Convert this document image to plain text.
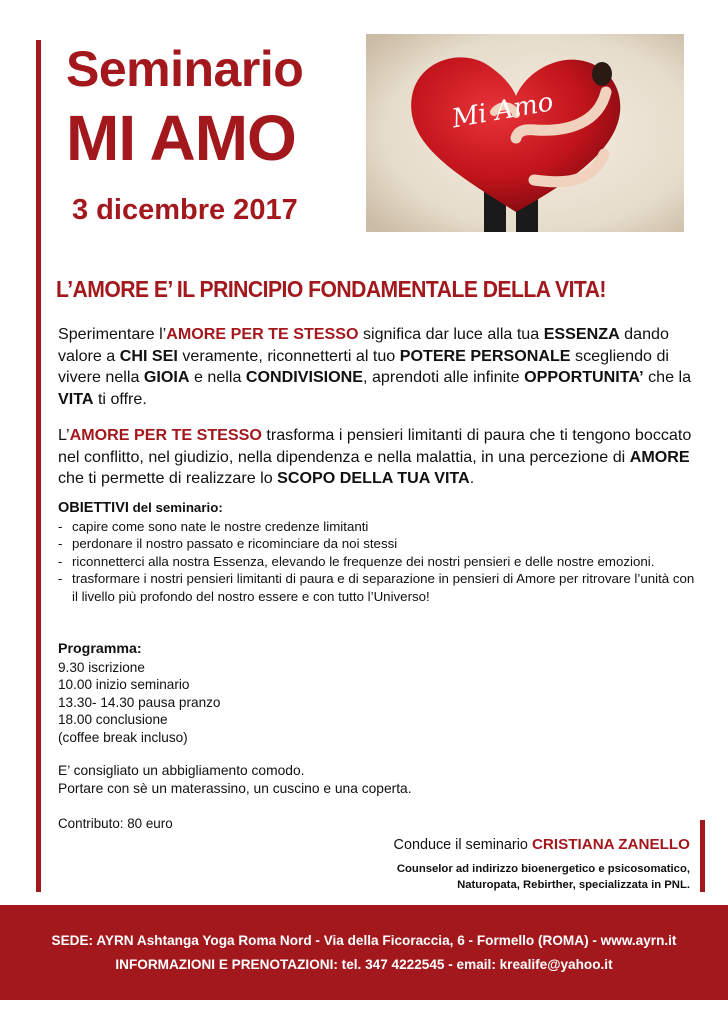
Seminario
MI AMO
3 dicembre 2017
Mi Amo
L’AMORE E’ IL PRINCIPIO FONDAMENTALE DELLA VITA!
Sperimentare l’AMORE PER TE STESSO significa dar luce alla tua ESSENZA dando valore a CHI SEI veramente, riconnetterti al tuo POTERE PERSONALE scegliendo di vivere nella GIOIA e nella CONDIVISIONE, aprendoti alle infinite OPPORTUNITA’ che la VITA ti offre.
L’AMORE PER TE STESSO trasforma i pensieri limitanti di paura che ti tengono boccato nel conflitto, nel giudizio, nella dipendenza e nella malattia, in una percezione di AMORE che ti permette di realizzare lo SCOPO DELLA TUA VITA.
OBIETTIVI del seminario:
- capire come sono nate le nostre credenze limitanti
- perdonare il nostro passato e ricominciare da noi stessi
- riconnetterci alla nostra Essenza, elevando le frequenze dei nostri pensieri e delle nostre emozioni.
- trasformare i nostri pensieri limitanti di paura e di separazione in pensieri di Amore per ritrovare l’unità con il livello più profondo del nostro essere e con tutto l’Universo!
Programma:
9.30 iscrizione
10.00 inizio seminario
13.30- 14.30 pausa pranzo
18.00 conclusione
(coffee break incluso)
E’ consigliato un abbigliamento comodo.
Portare con sè un materassino, un cuscino e una coperta.
Contributo: 80 euro
Conduce il seminario CRISTIANA ZANELLO
Counselor ad indirizzo bioenergetico e psicosomatico,
Naturopata, Rebirther, specializzata in PNL.
SEDE: AYRN Ashtanga Yoga Roma Nord - Via della Ficoraccia, 6 - Formello (ROMA) - www.ayrn.it
INFORMAZIONI E PRENOTAZIONI: tel. 347 4222545 - email: krealife@yahoo.it
